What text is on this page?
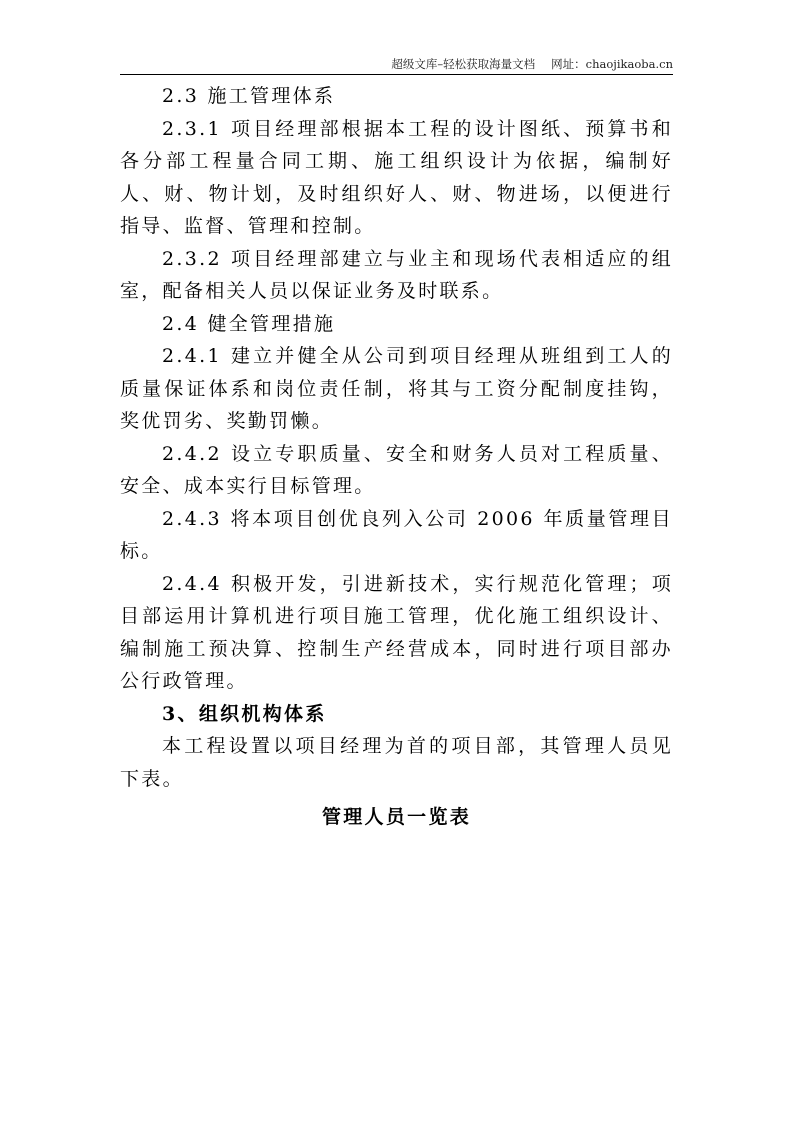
超级文库–轻松获取海量文档 网址：chaojikaoba.cn

2.3 施工管理体系

2.3.1 项目经理部根据本工程的设计图纸、预算书和各分部工程量合同工期、施工组织设计为依据，编制好人、财、物计划，及时组织好人、财、物进场，以便进行指导、监督、管理和控制。

2.3.2 项目经理部建立与业主和现场代表相适应的组室，配备相关人员以保证业务及时联系。

2.4 健全管理措施

2.4.1 建立并健全从公司到项目经理从班组到工人的质量保证体系和岗位责任制，将其与工资分配制度挂钩，奖优罚劣、奖勤罚懒。

2.4.2 设立专职质量、安全和财务人员对工程质量、安全、成本实行目标管理。

2.4.3 将本项目创优良列入公司 2006 年质量管理目标。

2.4.4 积极开发，引进新技术，实行规范化管理；项目部运用计算机进行项目施工管理，优化施工组织设计、编制施工预决算、控制生产经营成本，同时进行项目部办公行政管理。

3、组织机构体系

本工程设置以项目经理为首的项目部，其管理人员见下表。

管理人员一览表
